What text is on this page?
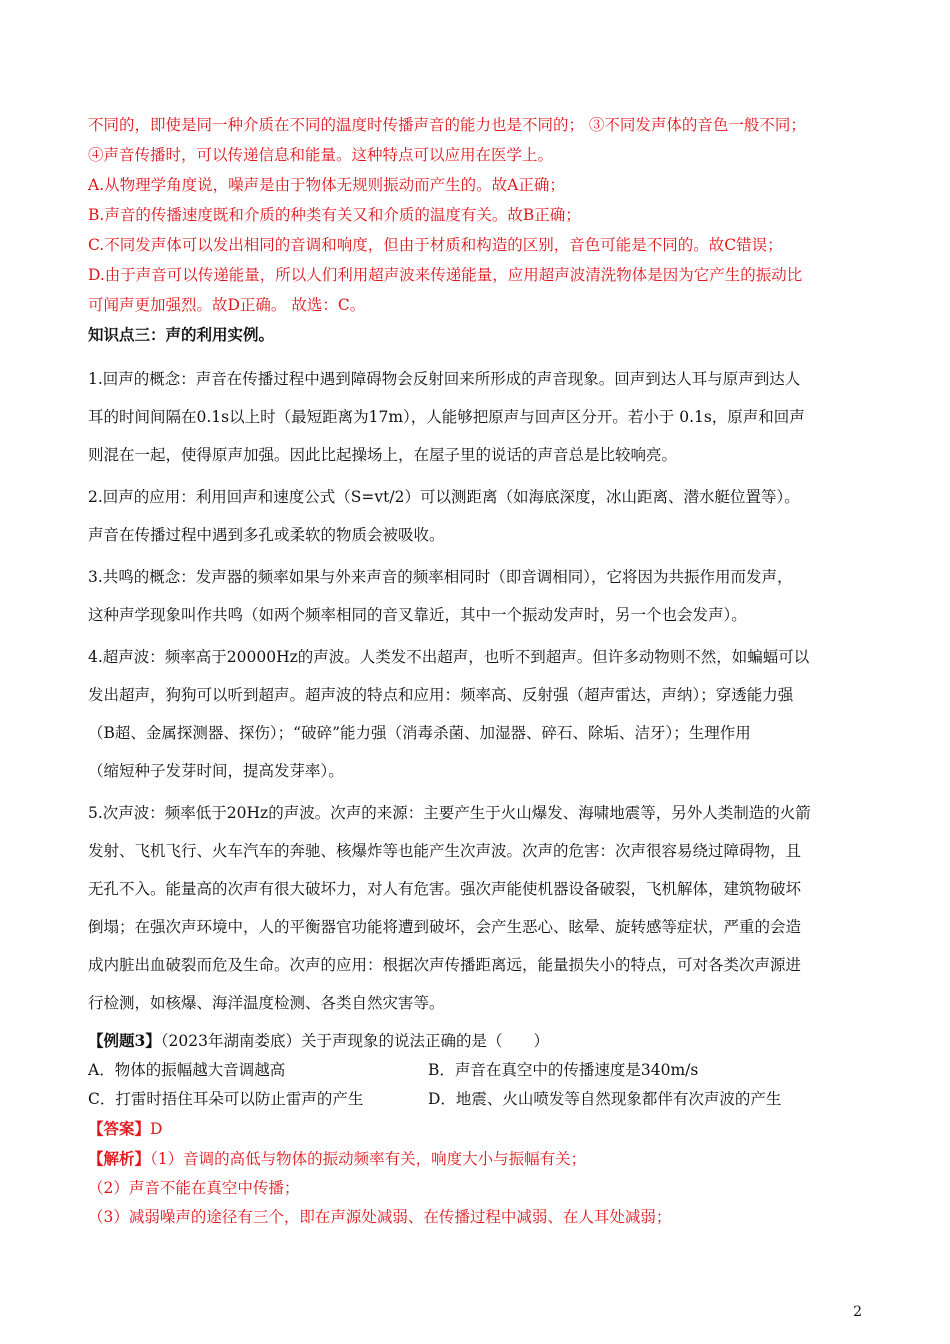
不同的，即使是同一种介质在不同的温度时传播声音的能力也是不同的； ③不同发声体的音色一般不同；

④声音传播时，可以传递信息和能量。这种特点可以应用在医学上。

A.从物理学角度说，噪声是由于物体无规则振动而产生的。故A正确；

B.声音的传播速度既和介质的种类有关又和介质的温度有关。故B正确；

C.不同发声体可以发出相同的音调和响度，但由于材质和构造的区别，音色可能是不同的。故C错误；

D.由于声音可以传递能量，所以人们利用超声波来传递能量，应用超声波清洗物体是因为它产生的振动比

可闻声更加强烈。故D正确。 故选：C。

知识点三：声的利用实例。

1.回声的概念：声音在传播过程中遇到障碍物会反射回来所形成的声音现象。回声到达人耳与原声到达人

耳的时间间隔在0.1s以上时（最短距离为17m），人能够把原声与回声区分开。若小于 0.1s，原声和回声

则混在一起，使得原声加强。因此比起操场上，在屋子里的说话的声音总是比较响亮。

2.回声的应用：利用回声和速度公式（S=vt/2）可以测距离（如海底深度，冰山距离、潜水艇位置等）。

声音在传播过程中遇到多孔或柔软的物质会被吸收。

3.共鸣的概念：发声器的频率如果与外来声音的频率相同时（即音调相同），它将因为共振作用而发声，

这种声学现象叫作共鸣（如两个频率相同的音叉靠近，其中一个振动发声时，另一个也会发声）。

4.超声波：频率高于20000Hz的声波。人类发不出超声，也听不到超声。但许多动物则不然，如蝙蝠可以

发出超声，狗狗可以听到超声。超声波的特点和应用：频率高、反射强（超声雷达，声纳）；穿透能力强

（B超、金属探测器、探伤）；“破碎”能力强（消毒杀菌、加湿器、碎石、除垢、洁牙）；生理作用

（缩短种子发芽时间，提高发芽率）。

5.次声波：频率低于20Hz的声波。次声的来源：主要产生于火山爆发、海啸地震等，另外人类制造的火箭

发射、飞机飞行、火车汽车的奔驰、核爆炸等也能产生次声波。次声的危害：次声很容易绕过障碍物，且

无孔不入。能量高的次声有很大破坏力，对人有危害。强次声能使机器设备破裂，飞机解体，建筑物破坏

倒塌；在强次声环境中，人的平衡器官功能将遭到破坏，会产生恶心、眩晕、旋转感等症状，严重的会造

成内脏出血破裂而危及生命。次声的应用：根据次声传播距离远，能量损失小的特点，可对各类次声源进

行检测，如核爆、海洋温度检测、各类自然灾害等。

【例题3】（2023年湖南娄底）关于声现象的说法正确的是（　　）

A．物体的振幅越大音调越高	B．声音在真空中的传播速度是340m/s
C．打雷时捂住耳朵可以防止雷声的产生	D．地震、火山喷发等自然现象都伴有次声波的产生

【答案】D

【解析】（1）音调的高低与物体的振动频率有关，响度大小与振幅有关；

（2）声音不能在真空中传播；

（3）减弱噪声的途径有三个，即在声源处减弱、在传播过程中减弱、在人耳处减弱；

2
